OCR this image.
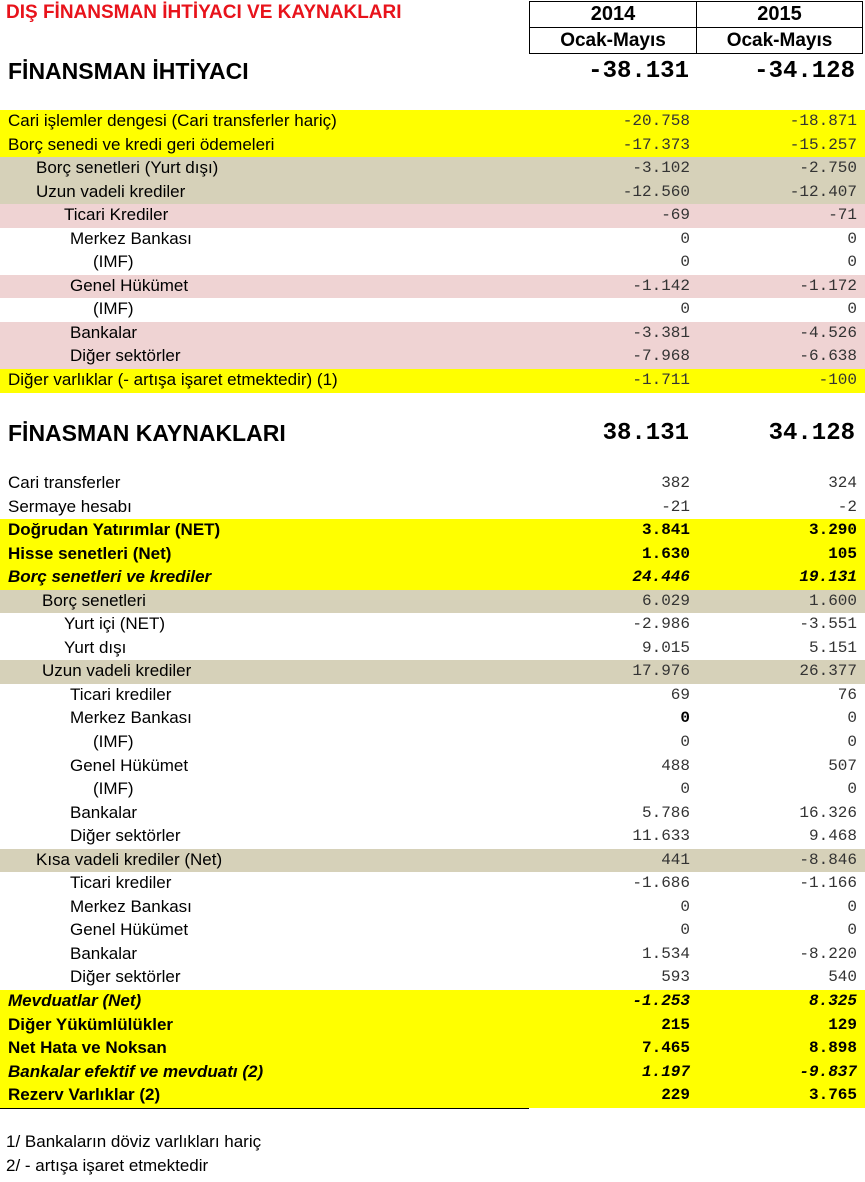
DIŞ FİNANSMAN İHTİYACI VE KAYNAKLARI	2014	2015
Ocak-Mayıs	Ocak-Mayıs
FİNANSMAN İHTİYACI	-38.131	-34.128
Cari işlemler dengesi (Cari transferler hariç)	-20.758	-18.871
Borç senedi ve kredi geri ödemeleri	-17.373	-15.257
Borç senetleri (Yurt dışı)	-3.102	-2.750
Uzun vadeli krediler	-12.560	-12.407
Ticari Krediler	-69	-71
Merkez Bankası	0	0
(IMF)	0	0
Genel Hükümet	-1.142	-1.172
(IMF)	0	0
Bankalar	-3.381	-4.526
Diğer sektörler	-7.968	-6.638
Diğer varlıklar (- artışa işaret etmektedir) (1)	-1.711	-100
FİNASMAN KAYNAKLARI	38.131	34.128
Cari transferler	382	324
Sermaye hesabı	-21	-2
Doğrudan Yatırımlar (NET)	3.841	3.290
Hisse senetleri (Net)	1.630	105
Borç senetleri ve krediler	24.446	19.131
Borç senetleri	6.029	1.600
Yurt içi (NET)	-2.986	-3.551
Yurt dışı	9.015	5.151
Uzun vadeli krediler	17.976	26.377
Ticari krediler	69	76
Merkez Bankası	0	0
(IMF)	0	0
Genel Hükümet	488	507
(IMF)	0	0
Bankalar	5.786	16.326
Diğer sektörler	11.633	9.468
Kısa vadeli krediler (Net)	441	-8.846
Ticari krediler	-1.686	-1.166
Merkez Bankası	0	0
Genel Hükümet	0	0
Bankalar	1.534	-8.220
Diğer sektörler	593	540
Mevduatlar (Net)	-1.253	8.325
Diğer Yükümlülükler	215	129
Net Hata ve Noksan	7.465	8.898
Bankalar efektif ve mevduatı (2)	1.197	-9.837
Rezerv Varlıklar (2)	229	3.765
1/ Bankaların döviz varlıkları hariç
2/ - artışa işaret etmektedir
